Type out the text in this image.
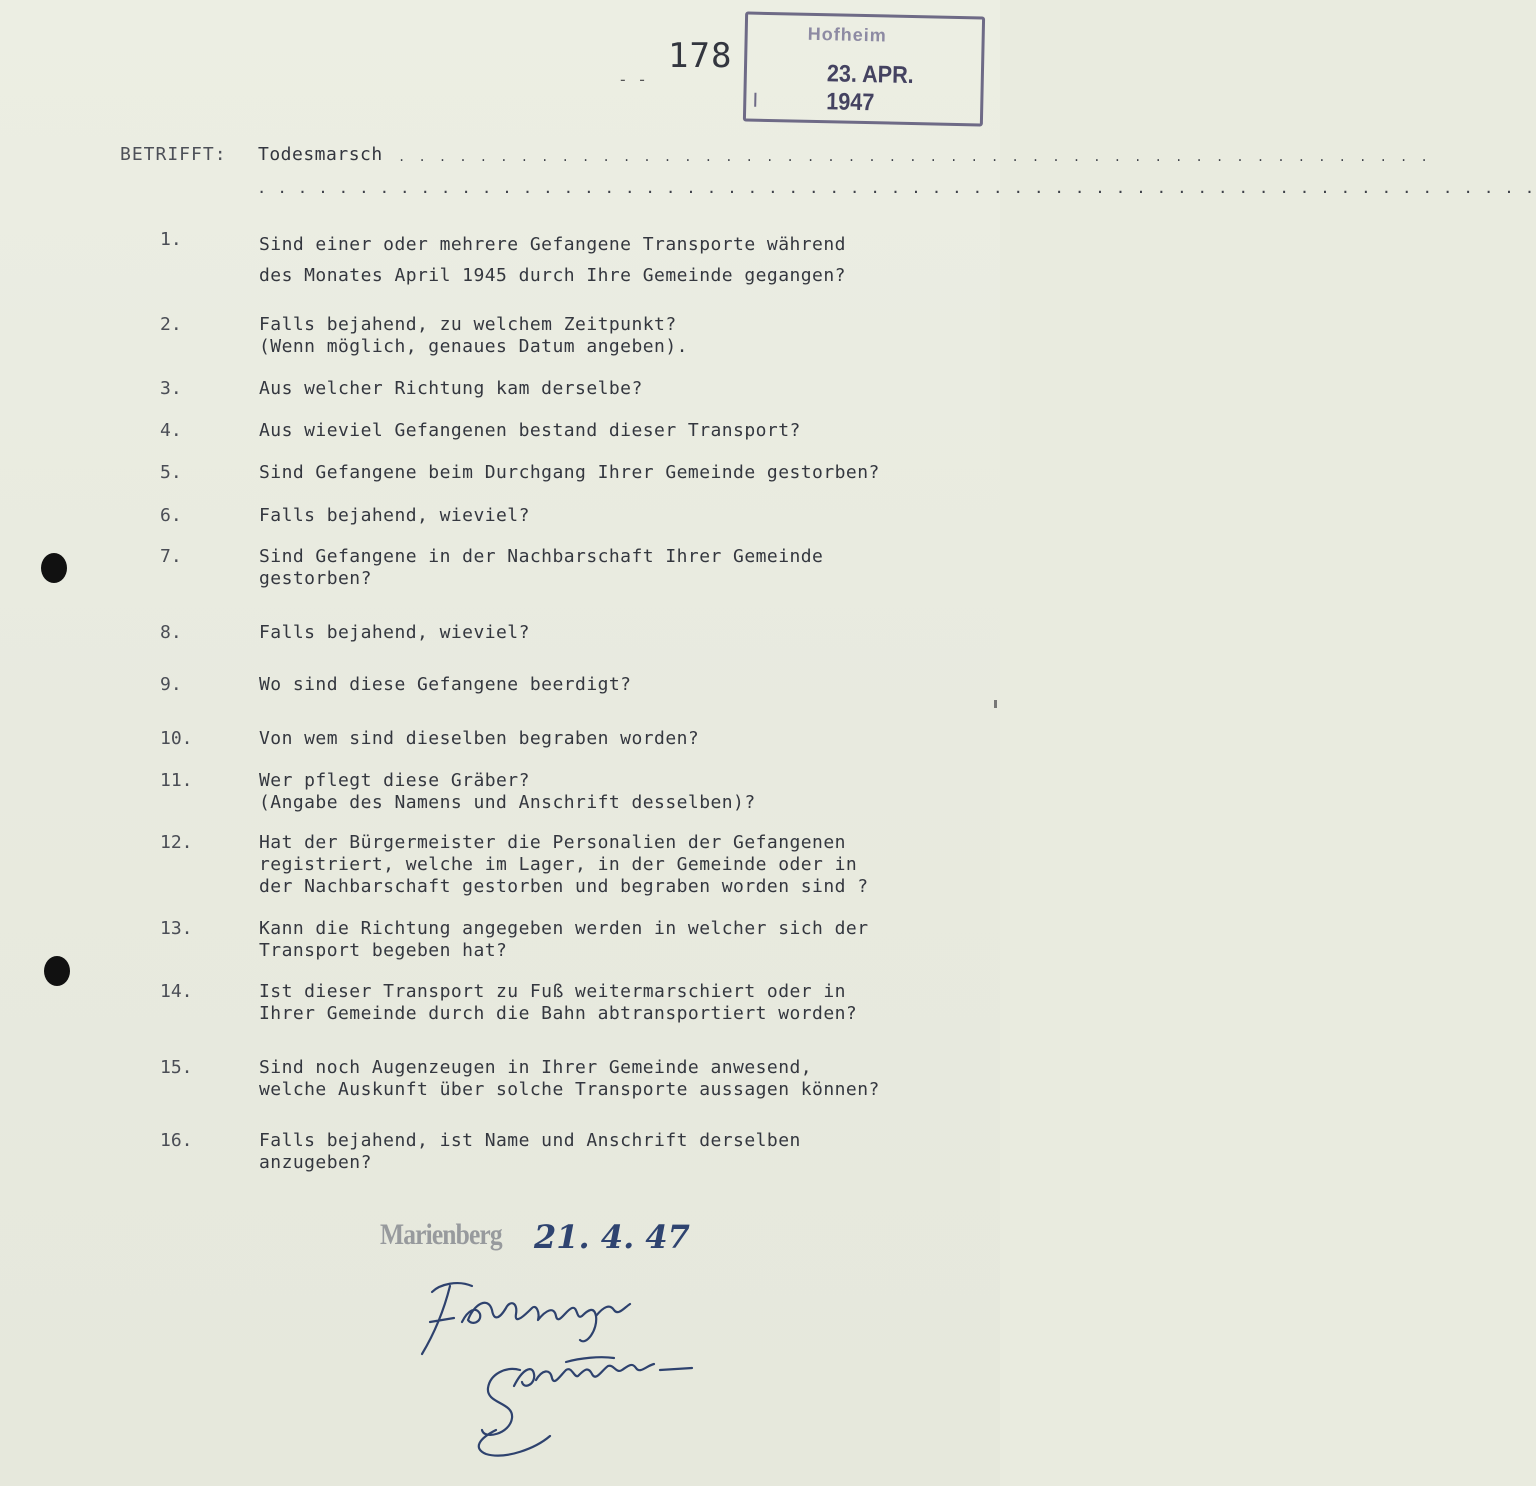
178
- -
Hofheim
23. APR. 1947
BETRIFFT: Todesmarsch . . . . . . . . . . . . . . . . . . . . . . . . . . . . . . . . . . . . . . . . . . . . . . . . . . .
. . . . . . . . . . . . . . . . . . . . . . . . . . . . . . . . . . . . . . . . . . . . . . . . . . . . . . . . . . . . . . .
1.	Sind einer oder mehrere Gefangene Transporte während
des Monates April 1945 durch Ihre Gemeinde gegangen?
2.	Falls bejahend, zu welchem Zeitpunkt?
(Wenn möglich, genaues Datum angeben).
3.	Aus welcher Richtung kam derselbe?
4.	Aus wieviel Gefangenen bestand dieser Transport?
5.	Sind Gefangene beim Durchgang Ihrer Gemeinde gestorben?
6.	Falls bejahend, wieviel?
7.	Sind Gefangene in der Nachbarschaft Ihrer Gemeinde
gestorben?
8.	Falls bejahend, wieviel?
9.	Wo sind diese Gefangene beerdigt?
10.	Von wem sind dieselben begraben worden?
11.	Wer pflegt diese Gräber?
(Angabe des Namens und Anschrift desselben)?
12.	Hat der Bürgermeister die Personalien der Gefangenen
registriert, welche im Lager, in der Gemeinde oder in
der Nachbarschaft gestorben und begraben worden sind ?
13.	Kann die Richtung angegeben werden in welcher sich der
Transport begeben hat?
14.	Ist dieser Transport zu Fuß weitermarschiert oder in
Ihrer Gemeinde durch die Bahn abtransportiert worden?
15.	Sind noch Augenzeugen in Ihrer Gemeinde anwesend,
welche Auskunft über solche Transporte aussagen können?
16.	Falls bejahend, ist Name und Anschrift derselben
anzugeben?
Marienberg 21. 4. 47
